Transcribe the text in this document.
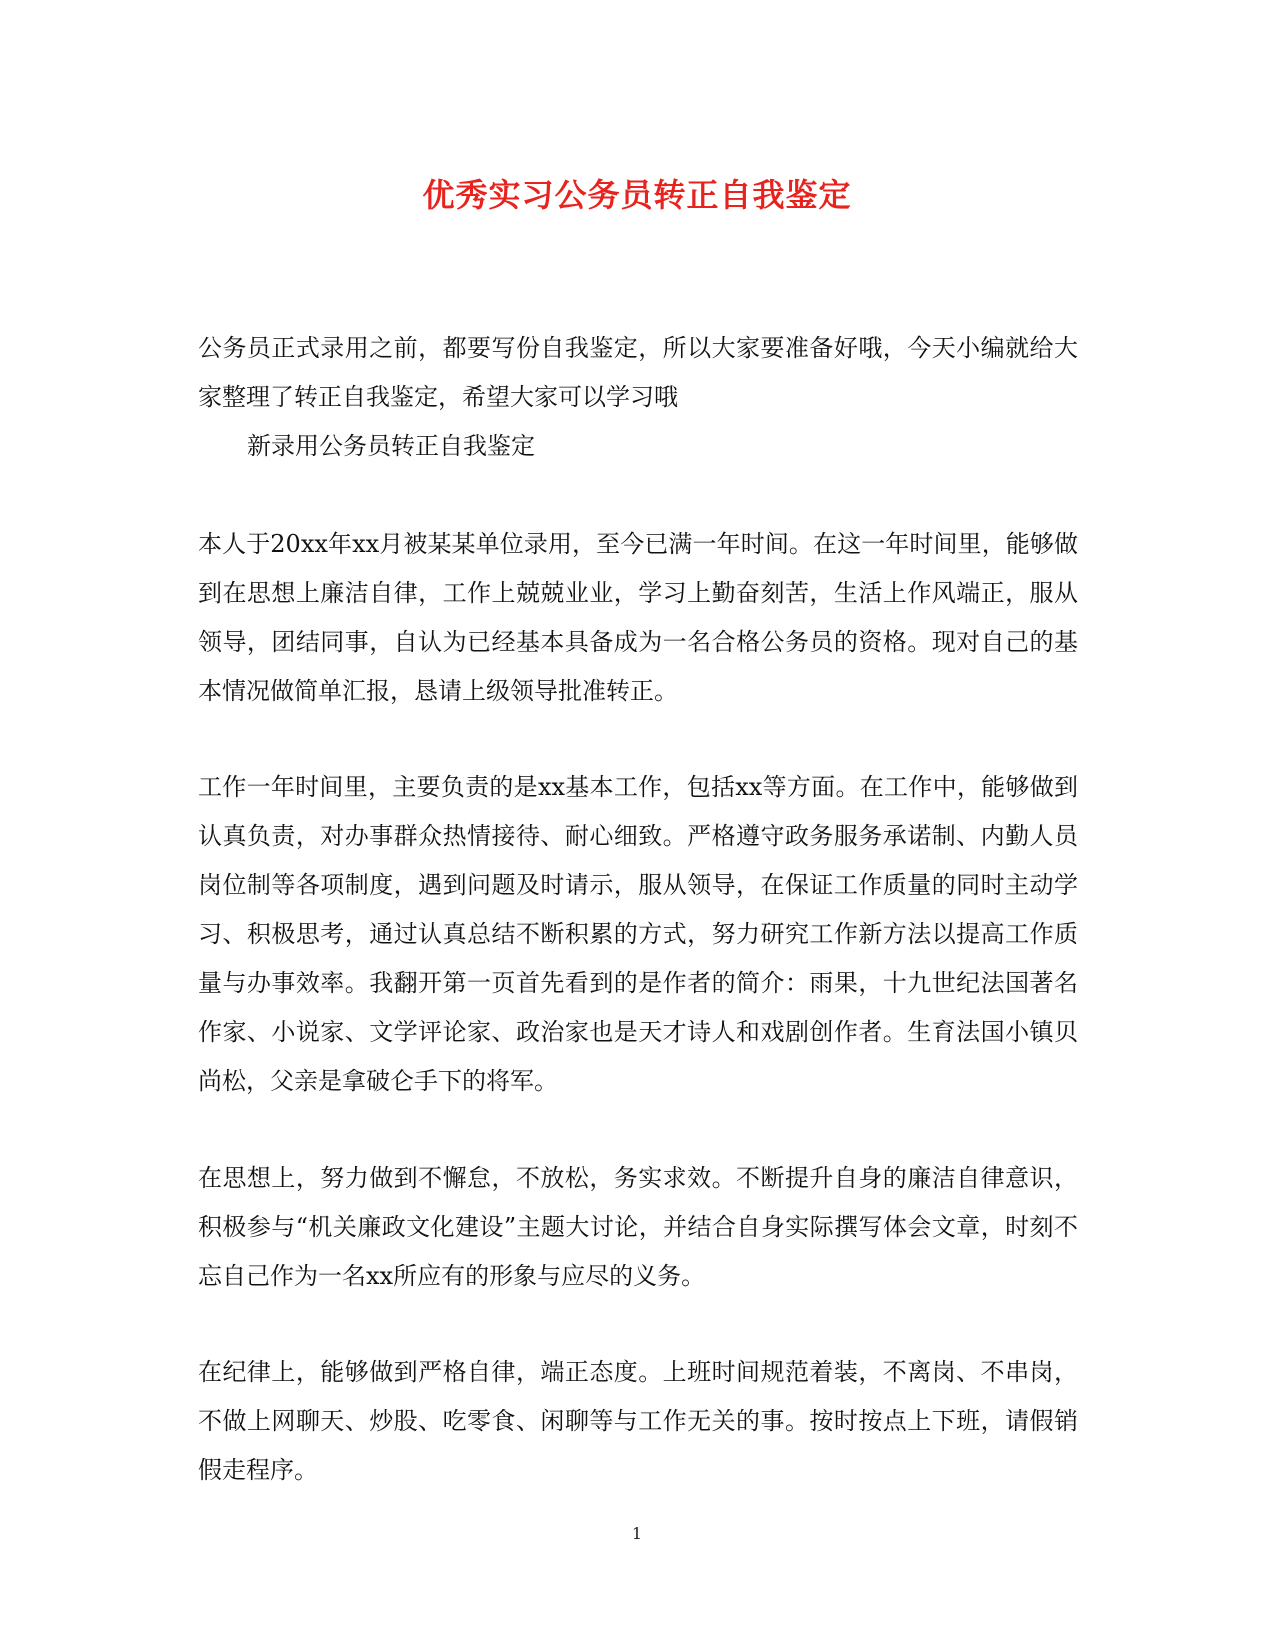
优秀实习公务员转正自我鉴定

公务员正式录用之前，都要写份自我鉴定，所以大家要准备好哦，今天小编就给大家整理了转正自我鉴定，希望大家可以学习哦

新录用公务员转正自我鉴定

本人于20xx年xx月被某某单位录用，至今已满一年时间。在这一年时间里，能够做到在思想上廉洁自律，工作上兢兢业业，学习上勤奋刻苦，生活上作风端正，服从领导，团结同事，自认为已经基本具备成为一名合格公务员的资格。现对自己的基本情况做简单汇报，恳请上级领导批准转正。

工作一年时间里，主要负责的是xx基本工作，包括xx等方面。在工作中，能够做到认真负责，对办事群众热情接待、耐心细致。严格遵守政务服务承诺制、内勤人员岗位制等各项制度，遇到问题及时请示，服从领导，在保证工作质量的同时主动学习、积极思考，通过认真总结不断积累的方式，努力研究工作新方法以提高工作质量与办事效率。我翻开第一页首先看到的是作者的简介：雨果，十九世纪法国著名作家、小说家、文学评论家、政治家也是天才诗人和戏剧创作者。生育法国小镇贝尚松，父亲是拿破仑手下的将军。

在思想上，努力做到不懈怠，不放松，务实求效。不断提升自身的廉洁自律意识，积极参与“机关廉政文化建设”主题大讨论，并结合自身实际撰写体会文章，时刻不忘自己作为一名xx所应有的形象与应尽的义务。

在纪律上，能够做到严格自律，端正态度。上班时间规范着装，不离岗、不串岗，不做上网聊天、炒股、吃零食、闲聊等与工作无关的事。按时按点上下班，请假销假走程序。

1
